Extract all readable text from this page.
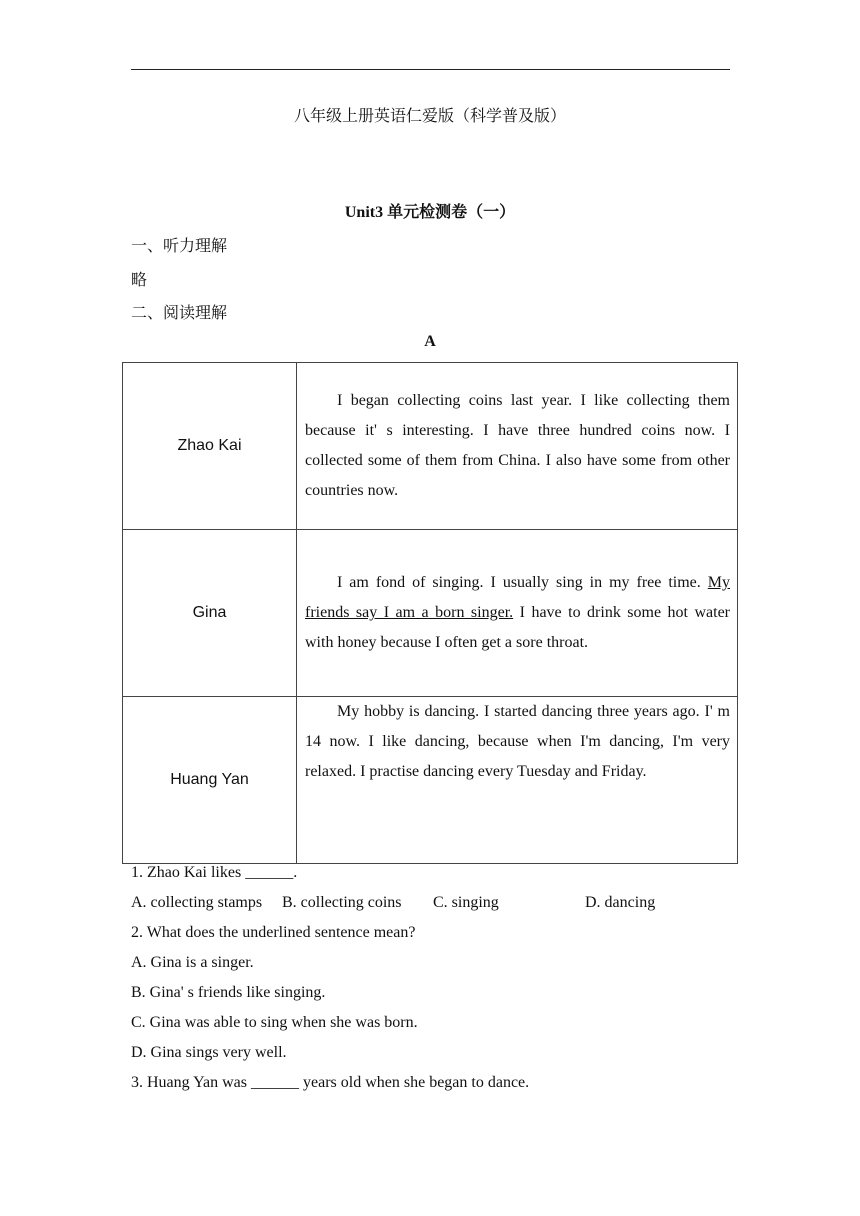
八年级上册英语仁爱版（科学普及版）
Unit3 单元检测卷（一）
一、听力理解
略
二、阅读理解
A
Zhao Kai	I began collecting coins last year. I like collecting them because it' s interesting. I have three hundred coins now. I collected some of them from China. I also have some from other countries now.

Gina	I am fond of singing. I usually sing in my free time. My friends say I am a born singer. I have to drink some hot water with honey because I often get a sore throat.

Huang Yan	My hobby is dancing. I started dancing three years ago. I' m 14 now. I like dancing, because when I'm dancing, I'm very relaxed. I practise dancing every Tuesday and Friday.

1. Zhao Kai likes ______.
A. collecting stamps B. collecting coins C. singing	D. dancing
2. What does the underlined sentence mean?
A. Gina is a singer.
B. Gina' s friends like singing.
C. Gina was able to sing when she was born.
D. Gina sings very well.
3. Huang Yan was ______ years old when she began to dance.
